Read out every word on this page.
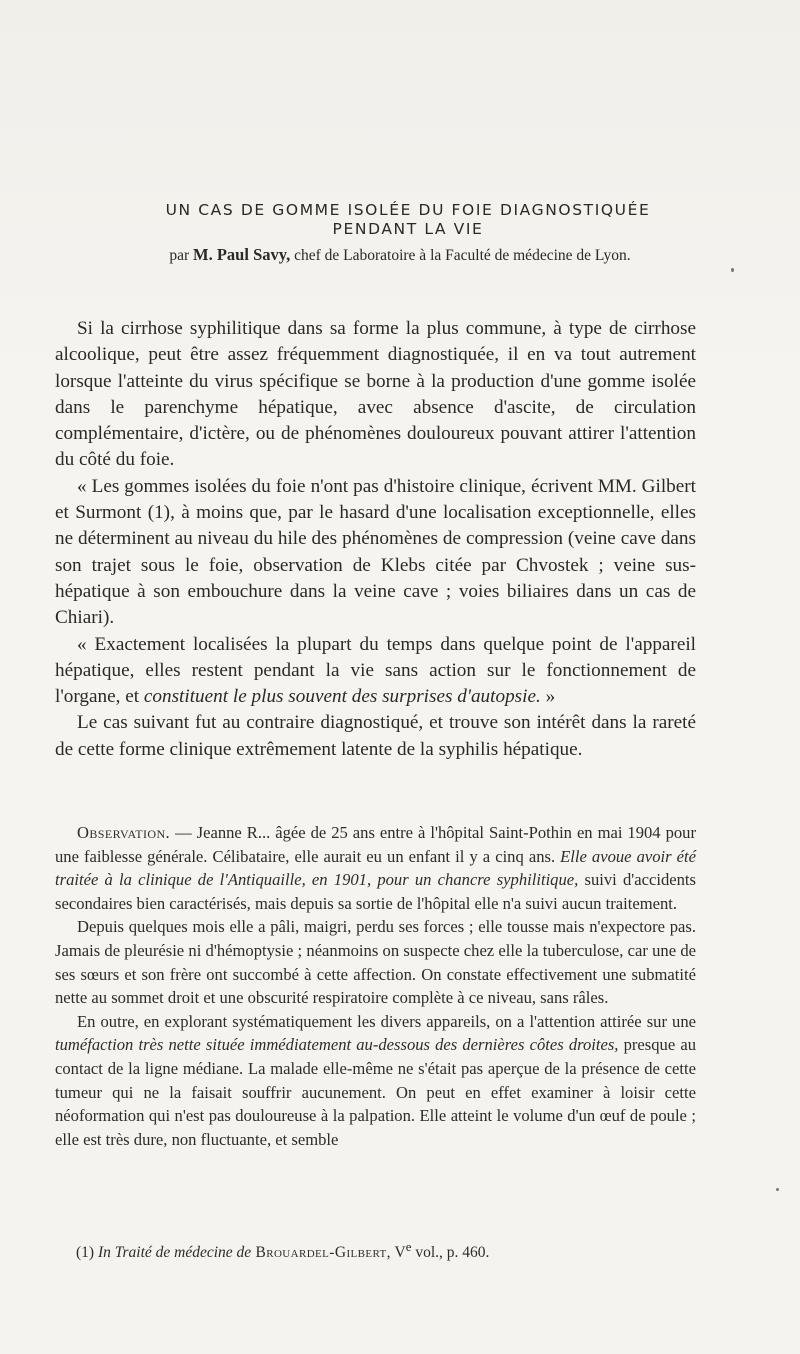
UN CAS DE GOMME ISOLÉE DU FOIE DIAGNOSTIQUÉE
PENDANT LA VIE
par M. Paul Savy, chef de Laboratoire à la Faculté de médecine de Lyon.

Si la cirrhose syphilitique dans sa forme la plus commune, à type de cirrhose alcoolique, peut être assez fréquemment diagnostiquée, il en va tout autrement lorsque l'atteinte du virus spécifique se borne à la production d'une gomme isolée dans le parenchyme hépatique, avec absence d'ascite, de circulation complémentaire, d'ictère, ou de phénomènes douloureux pouvant attirer l'attention du côté du foie.

« Les gommes isolées du foie n'ont pas d'histoire clinique, écrivent MM. Gilbert et Surmont (1), à moins que, par le hasard d'une localisation exceptionnelle, elles ne déterminent au niveau du hile des phénomènes de compression (veine cave dans son trajet sous le foie, observation de Klebs citée par Chvostek ; veine sus-hépatique à son embouchure dans la veine cave ; voies biliaires dans un cas de Chiari).

« Exactement localisées la plupart du temps dans quelque point de l'appareil hépatique, elles restent pendant la vie sans action sur le fonctionnement de l'organe, et constituent le plus souvent des surprises d'autopsie. »

Le cas suivant fut au contraire diagnostiqué, et trouve son intérêt dans la rareté de cette forme clinique extrêmement latente de la syphilis hépatique.

Observation. — Jeanne R... âgée de 25 ans entre à l'hôpital Saint-Pothin en mai 1904 pour une faiblesse générale. Célibataire, elle aurait eu un enfant il y a cinq ans. Elle avoue avoir été traitée à la clinique de l'Antiquaille, en 1901, pour un chancre syphilitique, suivi d'accidents secondaires bien caractérisés, mais depuis sa sortie de l'hôpital elle n'a suivi aucun traitement.

Depuis quelques mois elle a pâli, maigri, perdu ses forces ; elle tousse mais n'expectore pas. Jamais de pleurésie ni d'hémoptysie ; néanmoins on suspecte chez elle la tuberculose, car une de ses sœurs et son frère ont succombé à cette affection. On constate effectivement une submatité nette au sommet droit et une obscurité respiratoire complète à ce niveau, sans râles.

En outre, en explorant systématiquement les divers appareils, on a l'attention attirée sur une tuméfaction très nette située immédiatement au-dessous des dernières côtes droites, presque au contact de la ligne médiane. La malade elle-même ne s'était pas aperçue de la présence de cette tumeur qui ne la faisait souffrir aucunement. On peut en effet examiner à loisir cette néoformation qui n'est pas douloureuse à la palpation. Elle atteint le volume d'un œuf de poule ; elle est très dure, non fluctuante, et semble

(1) In Traité de médecine de Brouardel-Gilbert, Ve vol., p. 460.
